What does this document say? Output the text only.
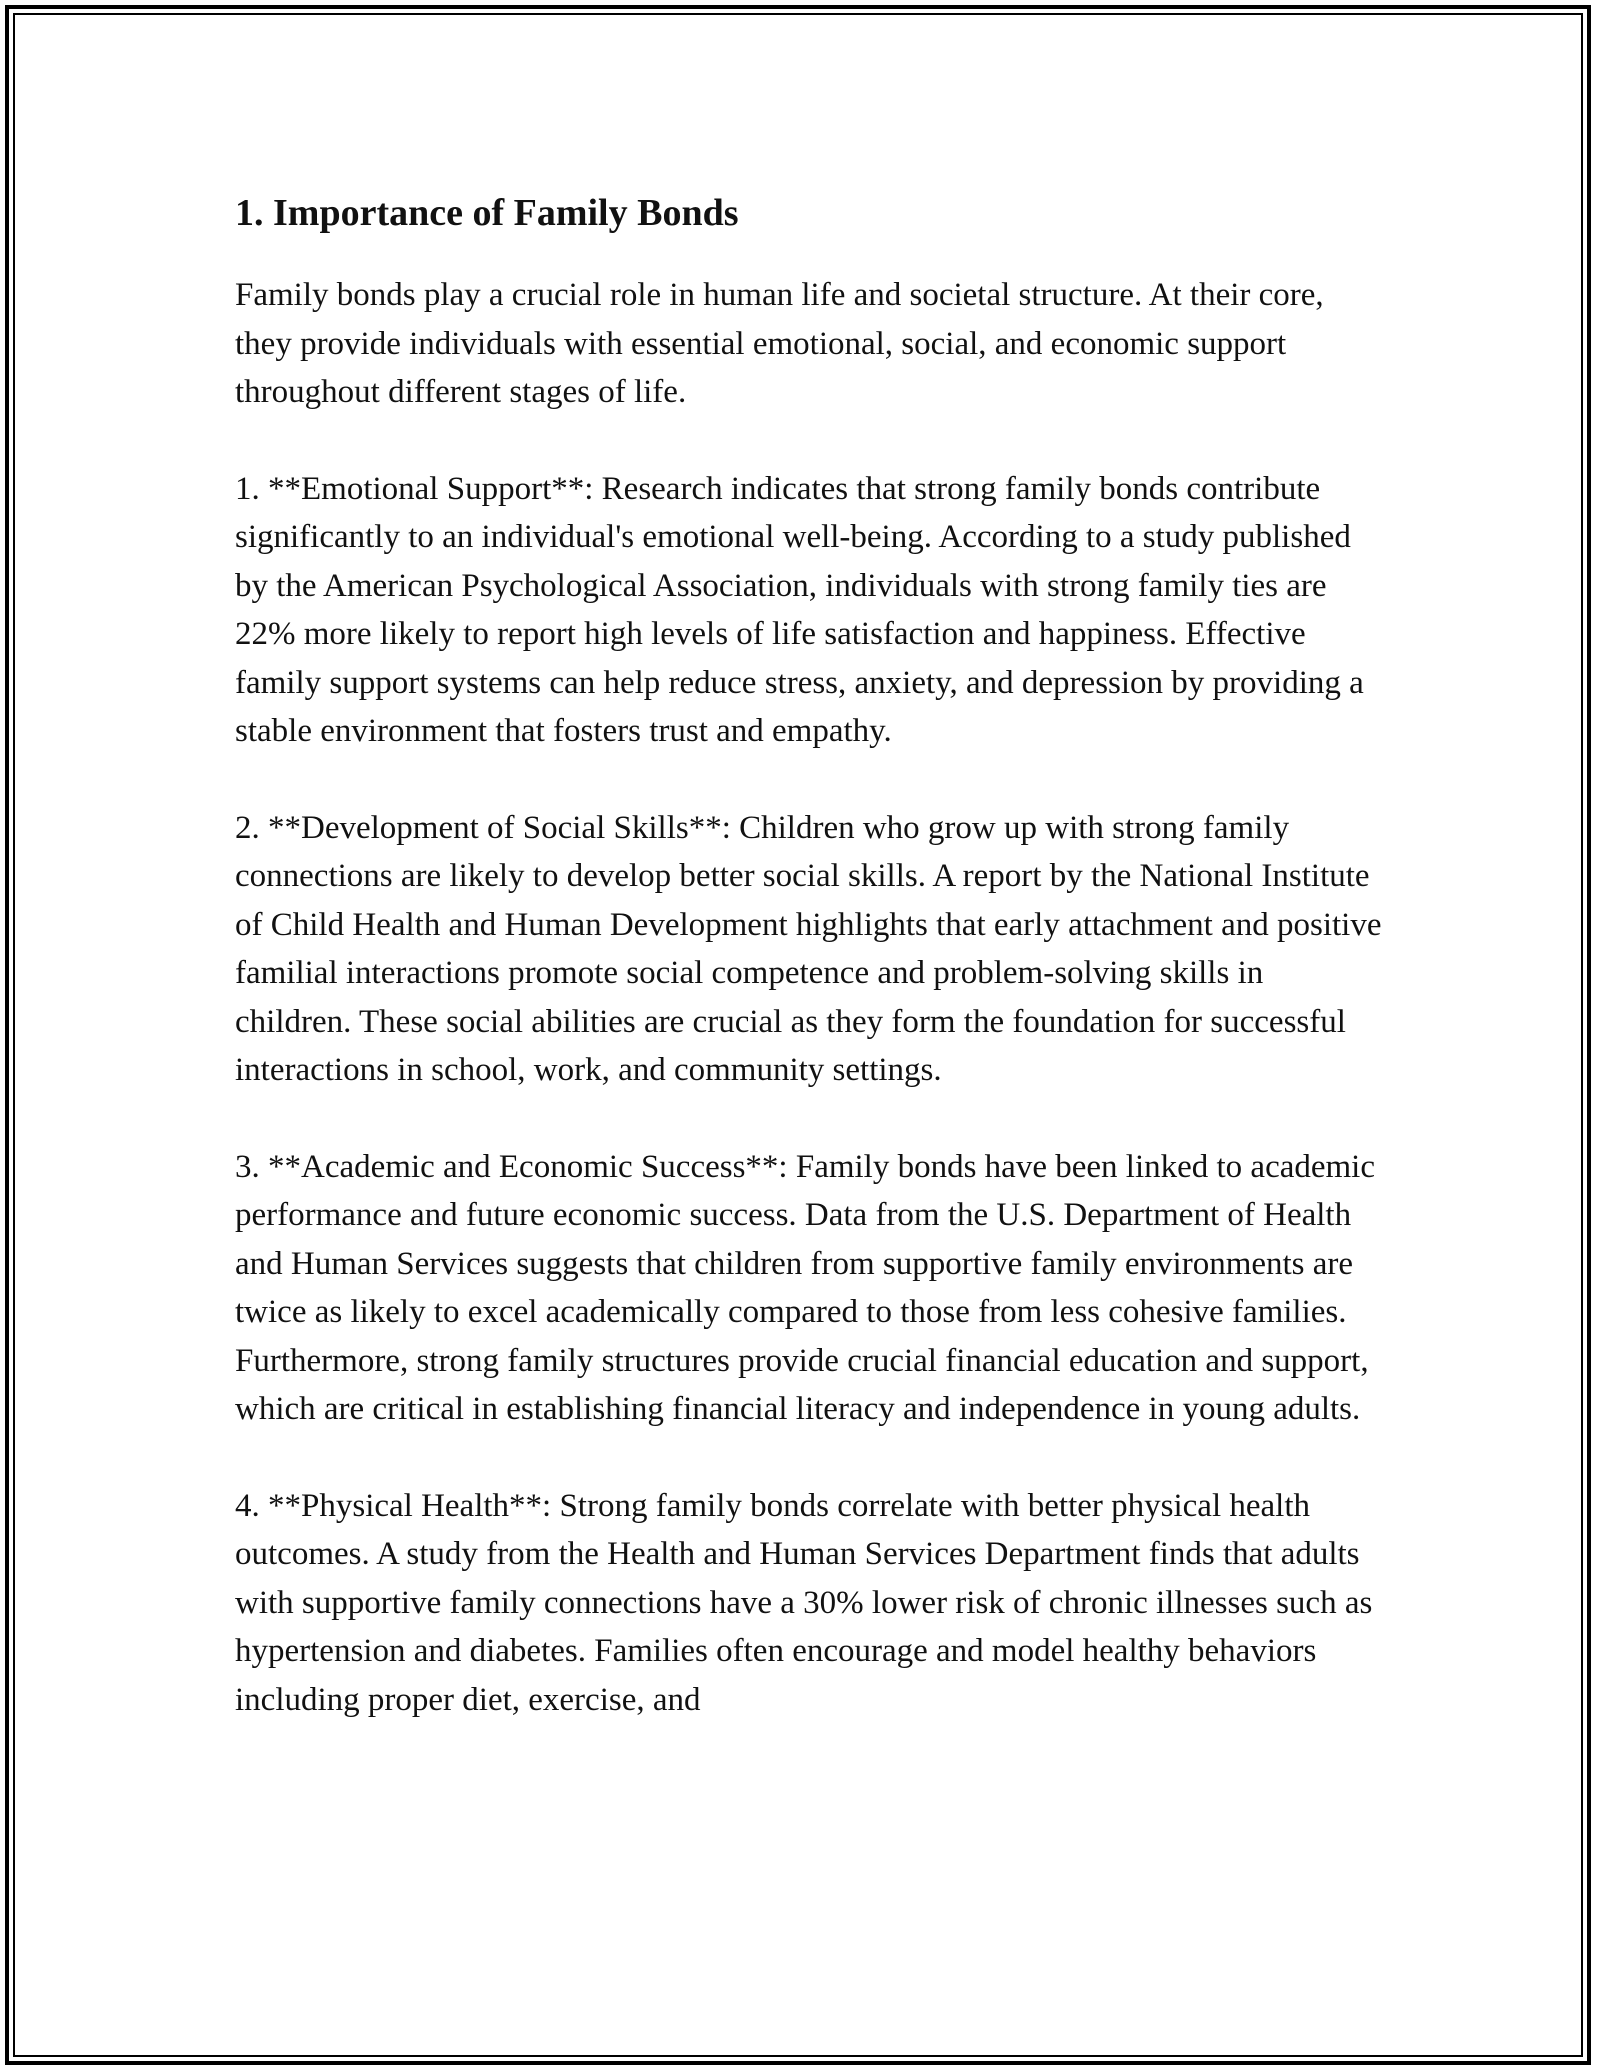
1. Importance of Family Bonds

Family bonds play a crucial role in human life and societal structure. At their core, they provide individuals with essential emotional, social, and economic support throughout different stages of life.

1. **Emotional Support**: Research indicates that strong family bonds contribute significantly to an individual's emotional well-being. According to a study published by the American Psychological Association, individuals with strong family ties are 22% more likely to report high levels of life satisfaction and happiness. Effective family support systems can help reduce stress, anxiety, and depression by providing a stable environment that fosters trust and empathy.

2. **Development of Social Skills**: Children who grow up with strong family connections are likely to develop better social skills. A report by the National Institute of Child Health and Human Development highlights that early attachment and positive familial interactions promote social competence and problem-solving skills in children. These social abilities are crucial as they form the foundation for successful interactions in school, work, and community settings.

3. **Academic and Economic Success**: Family bonds have been linked to academic performance and future economic success. Data from the U.S. Department of Health and Human Services suggests that children from supportive family environments are twice as likely to excel academically compared to those from less cohesive families. Furthermore, strong family structures provide crucial financial education and support, which are critical in establishing financial literacy and independence in young adults.

4. **Physical Health**: Strong family bonds correlate with better physical health outcomes. A study from the Health and Human Services Department finds that adults with supportive family connections have a 30% lower risk of chronic illnesses such as hypertension and diabetes. Families often encourage and model healthy behaviors including proper diet, exercise, and
